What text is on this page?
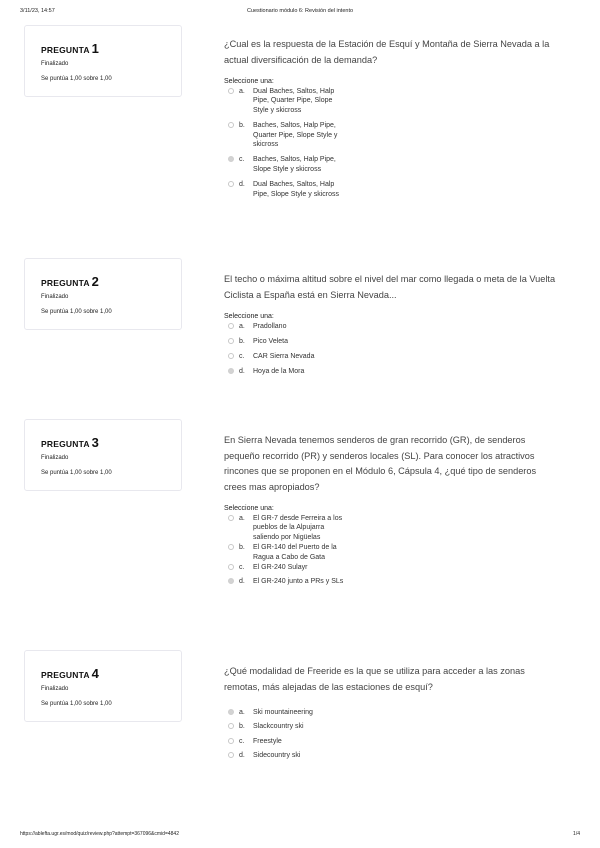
3/11/23, 14:57	Cuestionario módulo 6: Revisión del intento
PREGUNTA 1
Finalizado
Se puntúa 1,00 sobre 1,00

¿Cual es la respuesta de la Estación de Esquí y Montaña de Sierra Nevada a la actual diversificación de la demanda?

Seleccione una:
a.	Dual Baches, Saltos, Halp Pipe, Quarter Pipe, Slope Style y skicross
b.	Baches, Saltos, Halp Pipe, Quarter Pipe, Slope Style y skicross
c.	Baches, Saltos, Halp Pipe, Slope Style y skicross
d.	Dual Baches, Saltos, Halp Pipe, Slope Style y skicross
PREGUNTA 2
Finalizado
Se puntúa 1,00 sobre 1,00

El techo o máxima altitud sobre el nivel del mar como llegada o meta de la Vuelta Ciclista a España está en Sierra Nevada...

Seleccione una:
a.	Pradollano
b.	Pico Veleta
c.	CAR Sierra Nevada
d.	Hoya de la Mora
PREGUNTA 3
Finalizado
Se puntúa 1,00 sobre 1,00

En Sierra Nevada tenemos senderos de gran recorrido (GR), de senderos pequeño recorrido (PR) y senderos locales (SL). Para conocer los atractivos rincones que se proponen en el Módulo 6, Cápsula 4, ¿qué tipo de senderos crees mas apropiados?

Seleccione una:
a.	El GR-7 desde Ferreira a los pueblos de la Alpujarra saliendo por Nigüelas
b.	El GR-140 del Puerto de la Ragua a Cabo de Gata
c.	El GR-240 Sulayr
d.	El GR-240 junto a PRs y SLs
PREGUNTA 4
Finalizado
Se puntúa 1,00 sobre 1,00

¿Qué modalidad de Freeride es la que se utiliza para acceder a las zonas remotas, más alejadas de las estaciones de esquí?

a.	Ski mountaineering
b.	Slackcountry ski
c.	Freestyle
d.	Sidecountry ski
https://ablefta.ugr.es/mod/quiz/review.php?attempt=367096&cmid=4842	1/4
